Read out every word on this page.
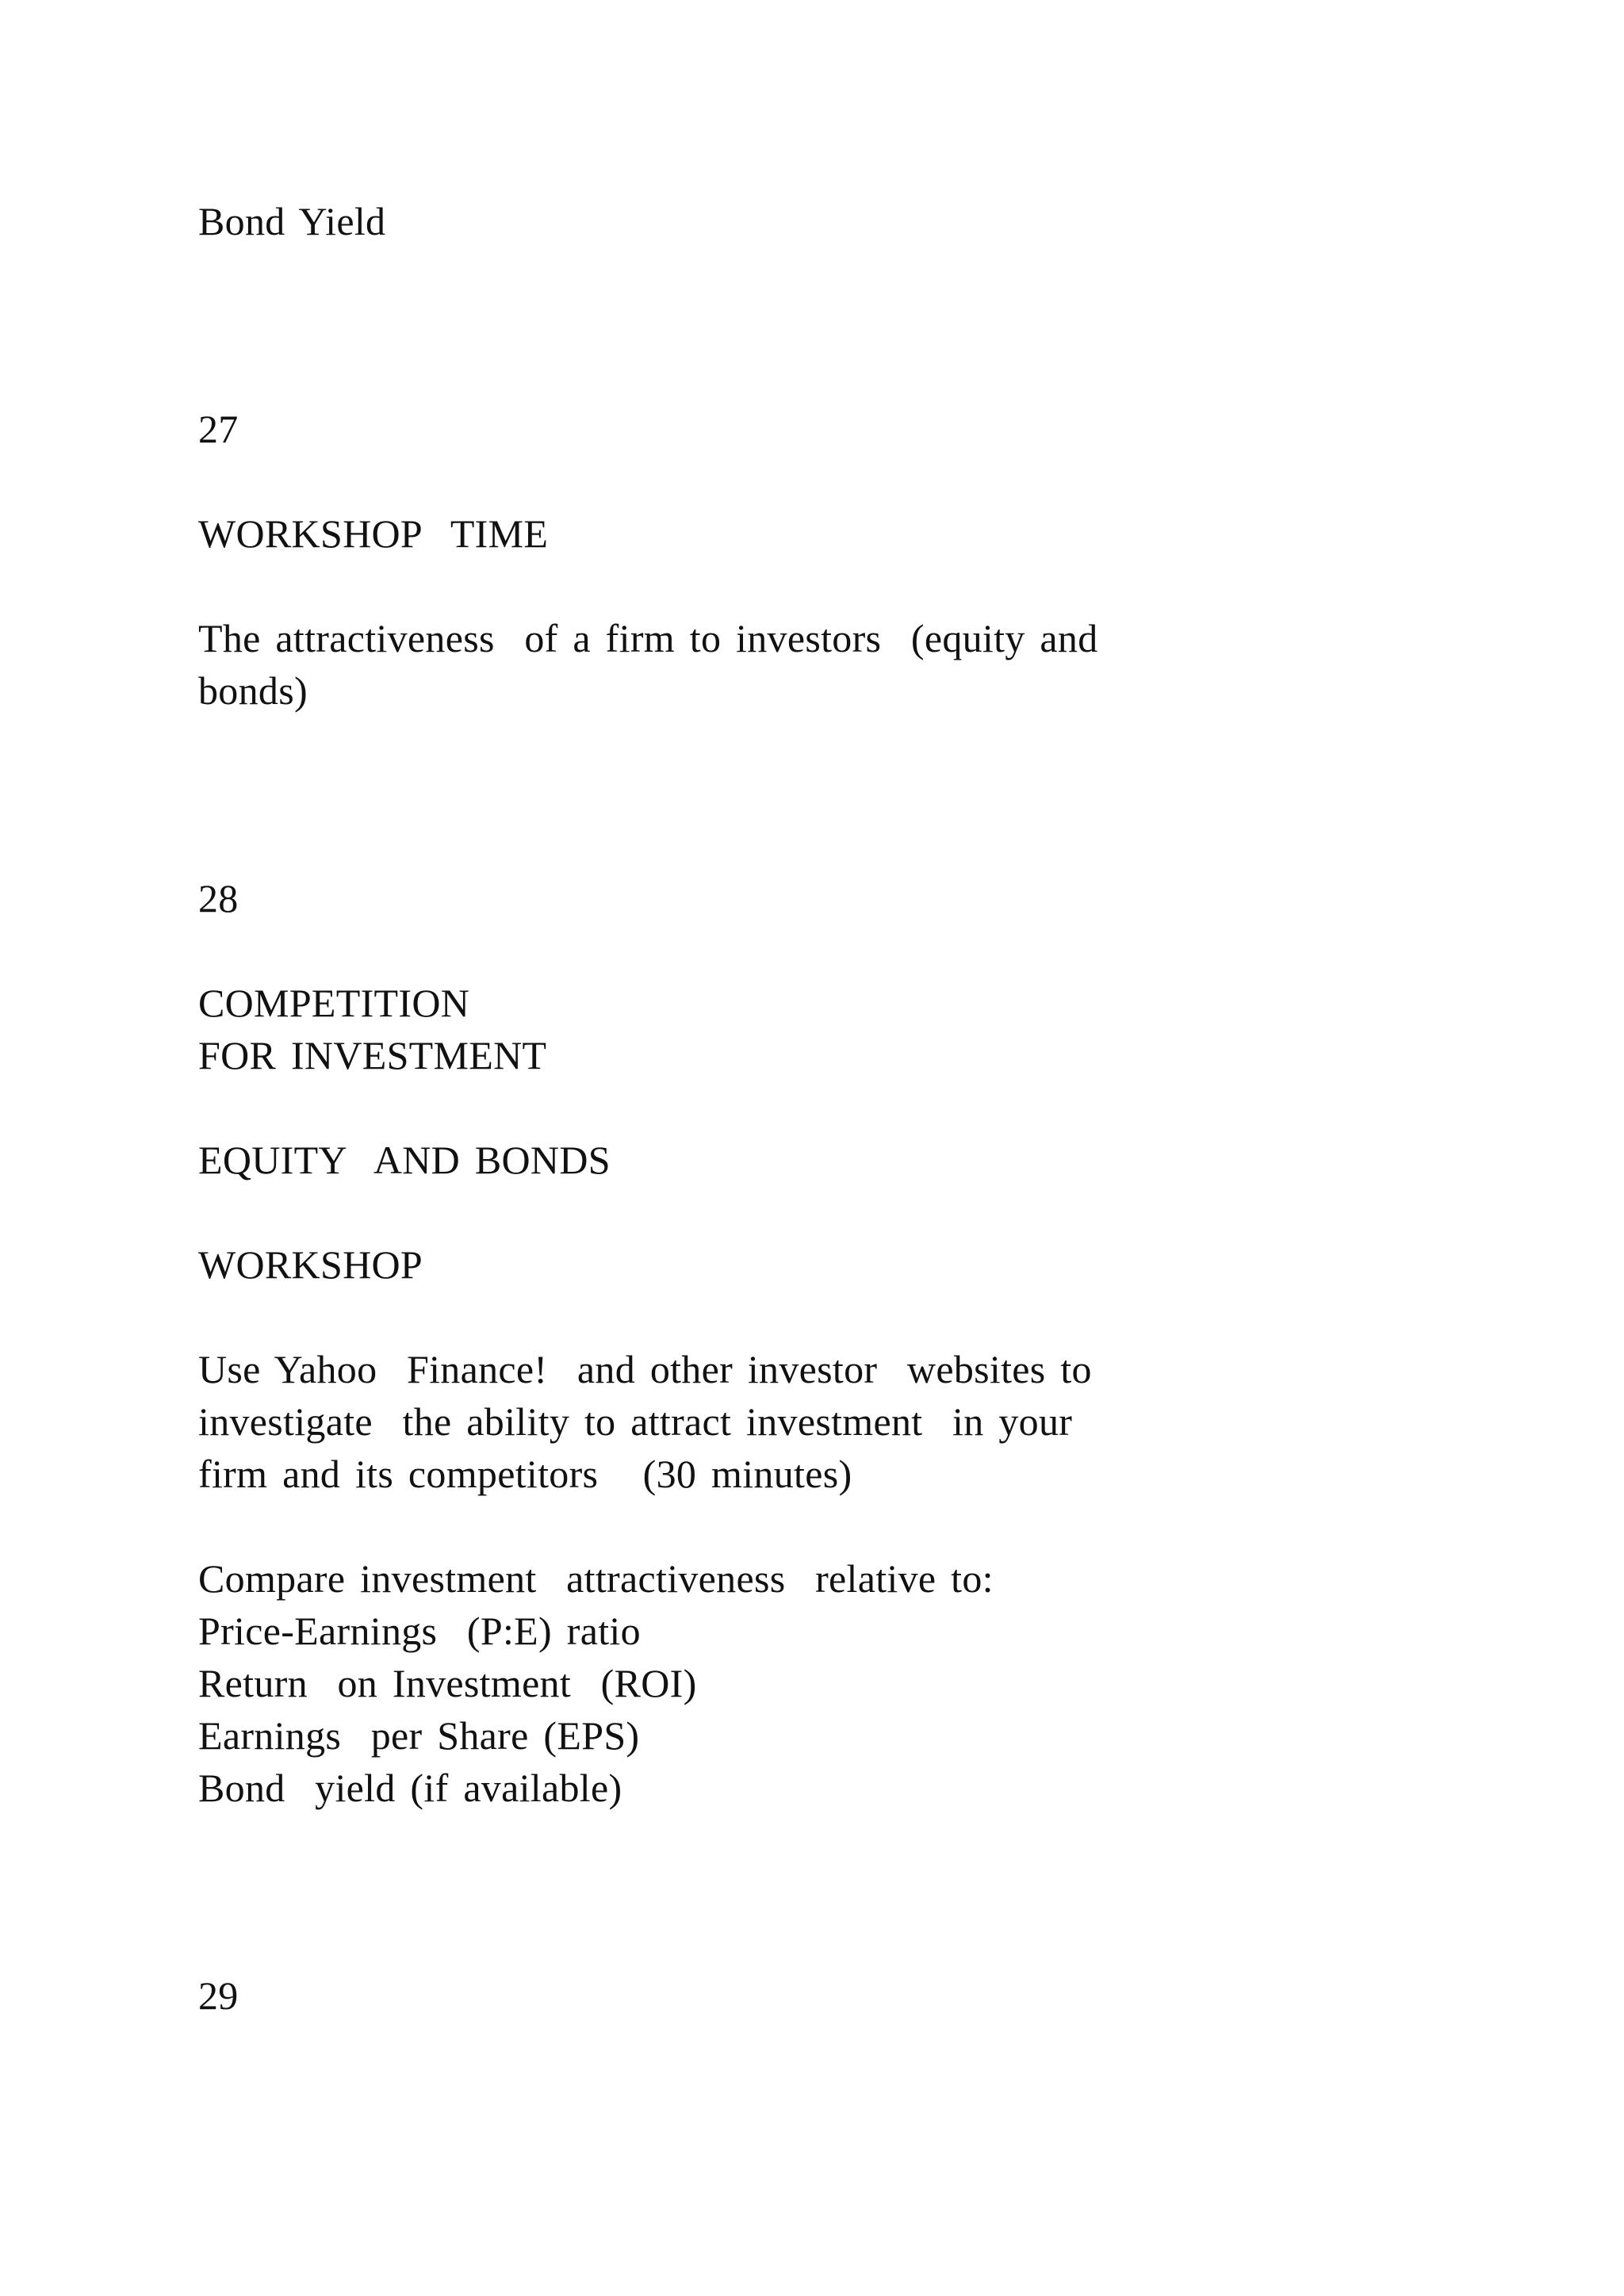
Bond Yield

27

WORKSHOP  TIME

The attractiveness  of a firm to investors  (equity and

bonds)

28

COMPETITION

FOR INVESTMENT

EQUITY  AND BONDS

WORKSHOP

Use Yahoo  Finance!  and other investor  websites to

investigate  the ability to attract investment  in your

firm and its competitors   (30 minutes)

Compare investment  attractiveness  relative to:

Price-Earnings  (P:E) ratio

Return  on Investment  (ROI)

Earnings  per Share (EPS)

Bond  yield (if available)

29
